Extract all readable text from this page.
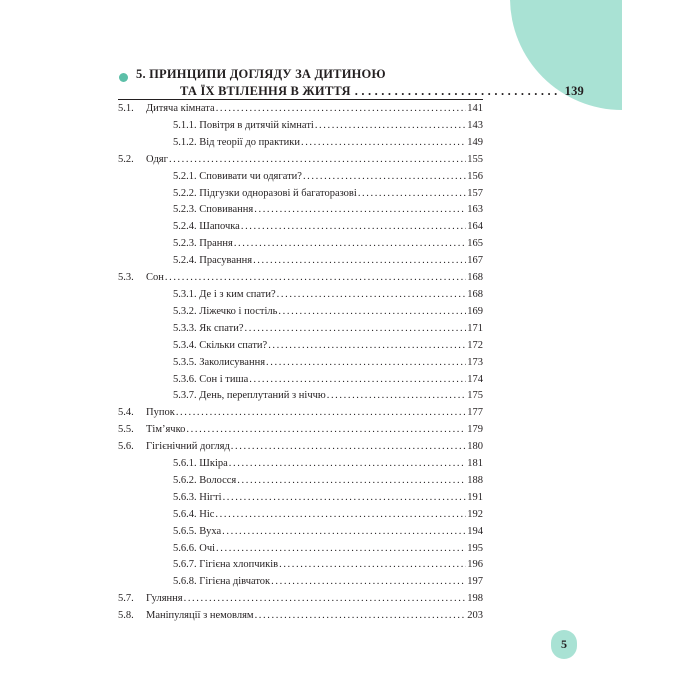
5. ПРИНЦИПИ ДОГЛЯДУ ЗА ДИТИНОЮ
ТА ЇХ ВТІЛЕННЯ В ЖИТТЯ . . .	139
5.1. Дитяча кімната .....	141
5.1.1. Повітря в дитячій кімнаті .....	143
5.1.2. Від теорії до практики .....	149
5.2. Одяг .....	155
5.2.1. Сповивати чи одягати? .....	156
5.2.2. Підгузки одноразові й багаторазові .....	157
5.2.3. Сповивання .....	163
5.2.4. Шапочка .....	164
5.2.3. Прання .....	165
5.2.4. Прасування .....	167
5.3. Сон .....	168
5.3.1. Де і з ким спати? .....	168
5.3.2. Ліжечко і постіль .....	169
5.3.3. Як спати? .....	171
5.3.4. Скільки спати? .....	172
5.3.5. Заколисування .....	173
5.3.6. Сон і тиша .....	174
5.3.7. День, переплутаний з ніччю .....	175
5.4. Пупок .....	177
5.5. Тім’ячко .....	179
5.6. Гігієнічний догляд .....	180
5.6.1. Шкіра .....	181
5.6.2. Волосся .....	188
5.6.3. Нігті .....	191
5.6.4. Ніс .....	192
5.6.5. Вуха .....	194
5.6.6. Очі .....	195
5.6.7. Гігієна хлопчиків .....	196
5.6.8. Гігієна дівчаток .....	197
5.7. Гуляння .....	198
5.8. Маніпуляції з немовлям .....	203
5
